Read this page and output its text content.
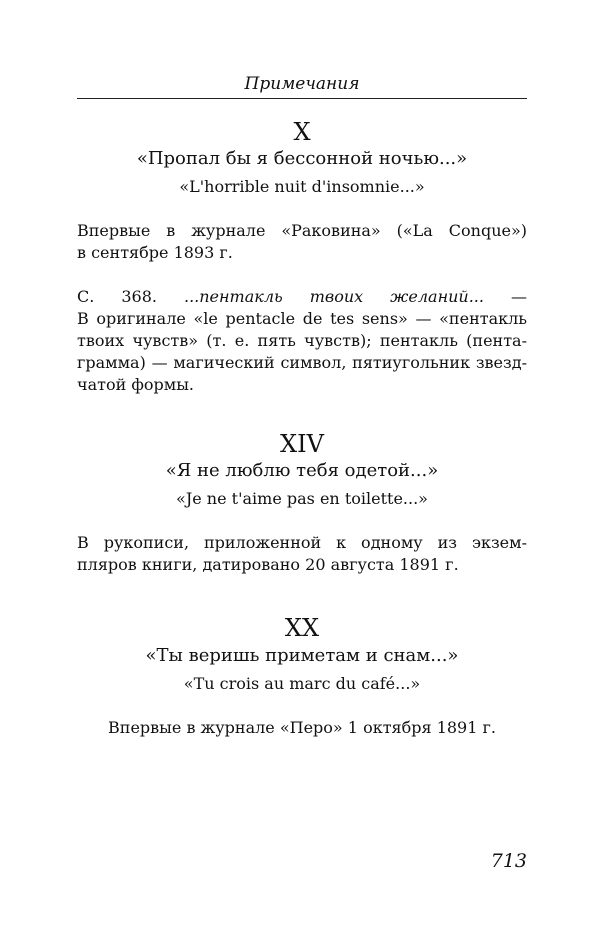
Примечания
X
«Пропал бы я бессонной ночью...»
«L'horrible nuit d'insomnie...»
Впервые в журнале «Раковина» («La Conque»)
в сентябре 1893 г.
С. 368. ...пентакль твоих желаний... —
В оригинале «le pentacle de tes sens» — «пентакль
твоих чувств» (т. е. пять чувств); пентакль (пента-
грамма) — магический символ, пятиугольник звезд-
чатой формы.
XIV
«Я не люблю тебя одетой...»
«Je ne t'aime pas en toilette...»
В рукописи, приложенной к одному из экзем-
пляров книги, датировано 20 августа 1891 г.
XX
«Ты веришь приметам и снам...»
«Tu crois au marc du café...»
Впервые в журнале «Перо» 1 октября 1891 г.
713
